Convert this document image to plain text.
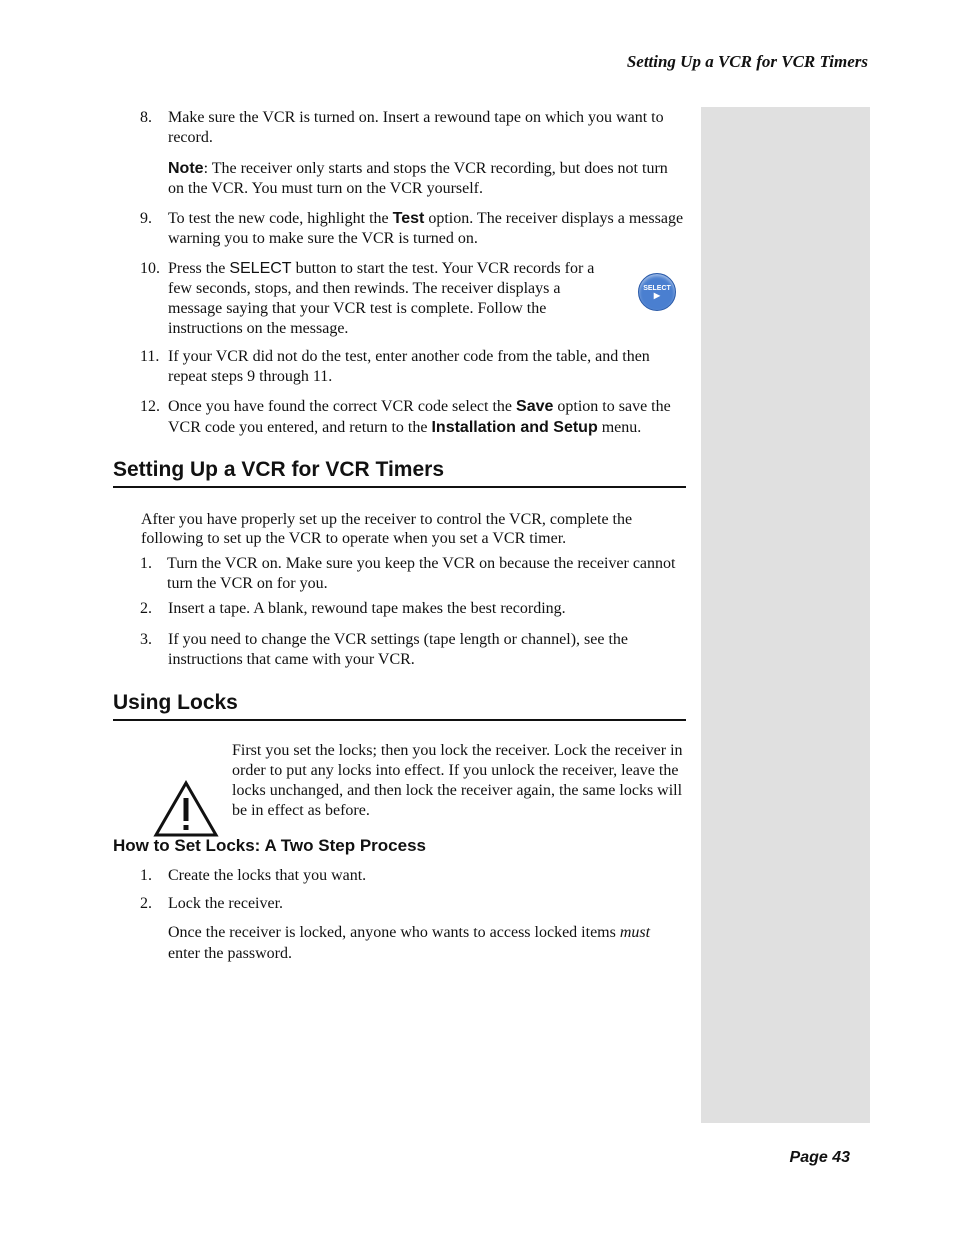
Setting Up a VCR for VCR Timers
Page 43
8. Make sure the VCR is turned on. Insert a rewound tape on which you want to record.
Note: The receiver only starts and stops the VCR recording, but does not turn on the VCR. You must turn on the VCR yourself.
9. To test the new code, highlight the Test option. The receiver displays a message warning you to make sure the VCR is turned on.
10. Press the SELECT button to start the test. Your VCR records for a few seconds, stops, and then rewinds. The receiver displays a message saying that your VCR test is complete. Follow the instructions on the message.
11. If your VCR did not do the test, enter another code from the table, and then repeat steps 9 through 11.
12. Once you have found the correct VCR code select the Save option to save the VCR code you entered, and return to the Installation and Setup menu.
Setting Up a VCR for VCR Timers
After you have properly set up the receiver to control the VCR, complete the following to set up the VCR to operate when you set a VCR timer.
1. Turn the VCR on. Make sure you keep the VCR on because the receiver cannot turn the VCR on for you.
2. Insert a tape. A blank, rewound tape makes the best recording.
3. If you need to change the VCR settings (tape length or channel), see the instructions that came with your VCR.
Using Locks
First you set the locks; then you lock the receiver. Lock the receiver in order to put any locks into effect. If you unlock the receiver, leave the locks unchanged, and then lock the receiver again, the same locks will be in effect as before.
How to Set Locks: A Two Step Process
1. Create the locks that you want.
2. Lock the receiver.
Once the receiver is locked, anyone who wants to access locked items must enter the password.
SELECT
▶
